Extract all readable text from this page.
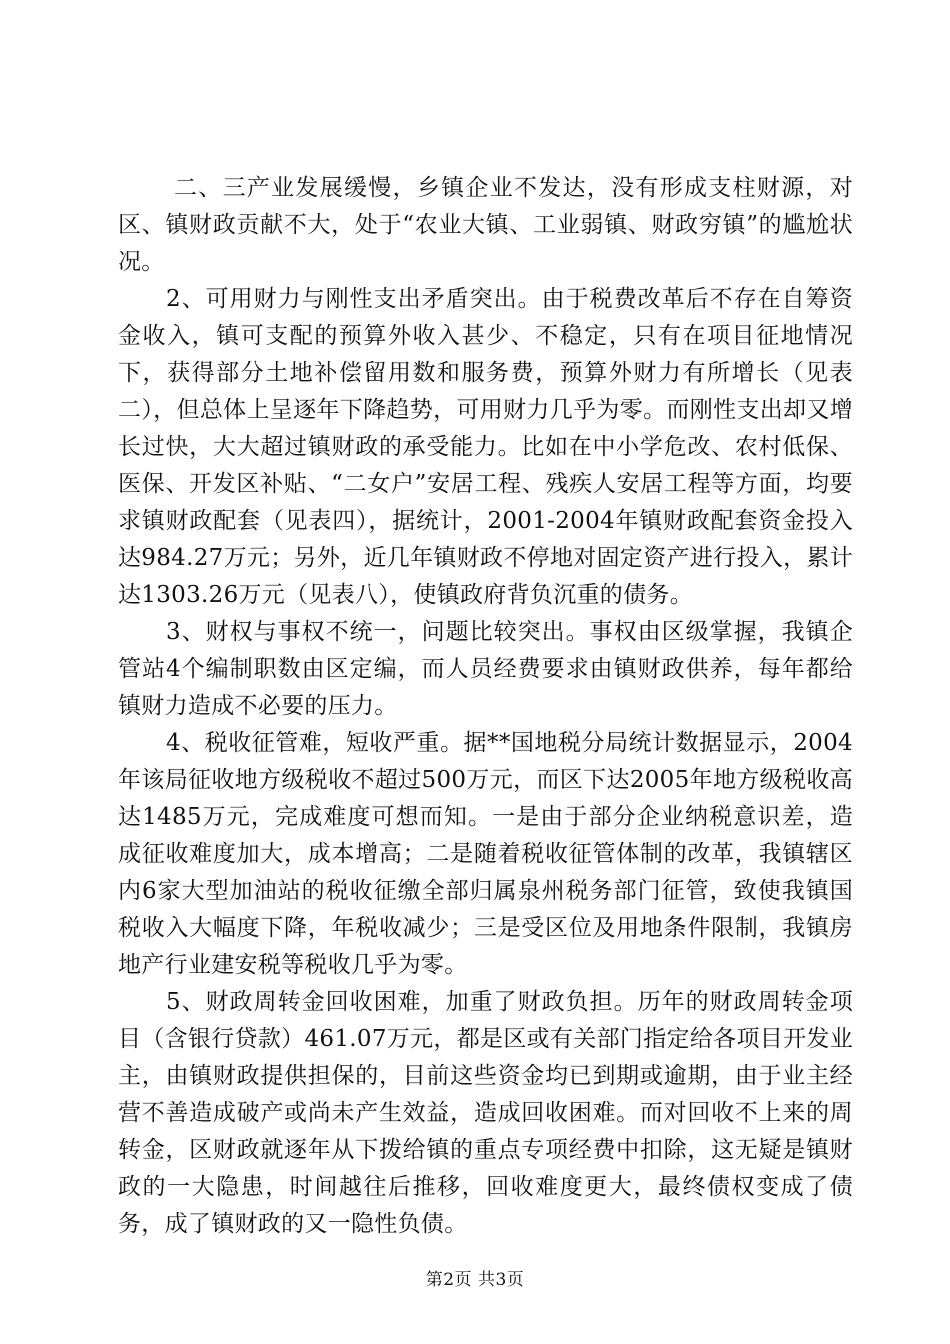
二、三产业发展缓慢，乡镇企业不发达，没有形成支柱财源，对区、镇财政贡献不大，处于“农业大镇、工业弱镇、财政穷镇”的尴尬状况。

2、可用财力与刚性支出矛盾突出。由于税费改革后不存在自筹资金收入，镇可支配的预算外收入甚少、不稳定，只有在项目征地情况下，获得部分土地补偿留用数和服务费，预算外财力有所增长（见表二），但总体上呈逐年下降趋势，可用财力几乎为零。而刚性支出却又增长过快，大大超过镇财政的承受能力。比如在中小学危改、农村低保、医保、开发区补贴、“二女户”安居工程、残疾人安居工程等方面，均要求镇财政配套（见表四），据统计，2001-2004年镇财政配套资金投入达984.27万元；另外，近几年镇财政不停地对固定资产进行投入，累计达1303.26万元（见表八），使镇政府背负沉重的债务。

3、财权与事权不统一，问题比较突出。事权由区级掌握，我镇企管站4个编制职数由区定编，而人员经费要求由镇财政供养，每年都给镇财力造成不必要的压力。

4、税收征管难，短收严重。据**国地税分局统计数据显示，2004年该局征收地方级税收不超过500万元，而区下达2005年地方级税收高达1485万元，完成难度可想而知。一是由于部分企业纳税意识差，造成征收难度加大，成本增高；二是随着税收征管体制的改革，我镇辖区内6家大型加油站的税收征缴全部归属泉州税务部门征管，致使我镇国税收入大幅度下降，年税收减少；三是受区位及用地条件限制，我镇房地产行业建安税等税收几乎为零。

5、财政周转金回收困难，加重了财政负担。历年的财政周转金项目（含银行贷款）461.07万元，都是区或有关部门指定给各项目开发业主，由镇财政提供担保的，目前这些资金均已到期或逾期，由于业主经营不善造成破产或尚未产生效益，造成回收困难。而对回收不上来的周转金，区财政就逐年从下拨给镇的重点专项经费中扣除，这无疑是镇财政的一大隐患，时间越往后推移，回收难度更大，最终债权变成了债务，成了镇财政的又一隐性负债。

第2页 共3页
